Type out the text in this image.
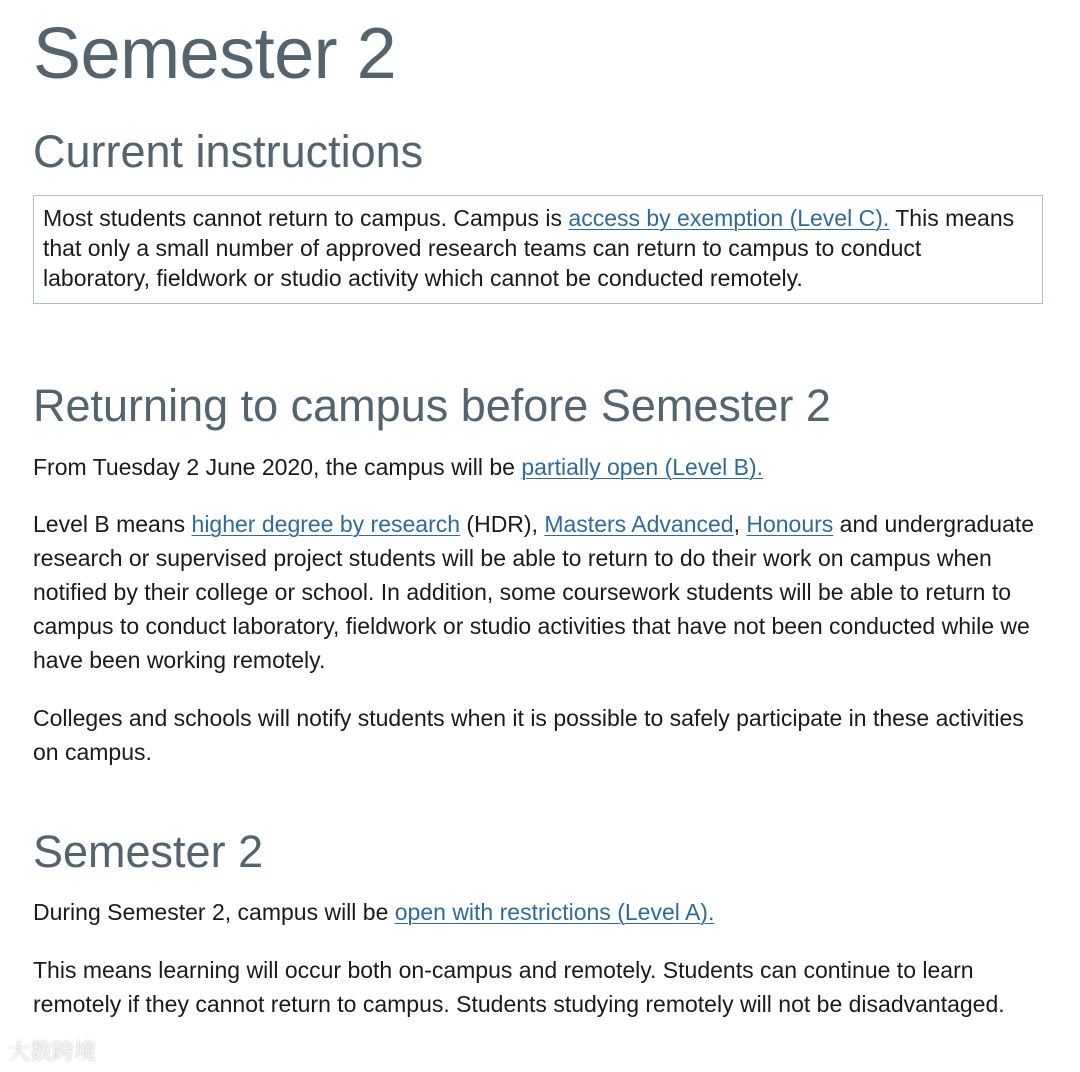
Semester 2
Current instructions
Most students cannot return to campus. Campus is access by exemption (Level C). This means that only a small number of approved research teams can return to campus to conduct laboratory, fieldwork or studio activity which cannot be conducted remotely.
Returning to campus before Semester 2

From Tuesday 2 June 2020, the campus will be partially open (Level B).

Level B means higher degree by research (HDR), Masters Advanced, Honours and undergraduate research or supervised project students will be able to return to do their work on campus when notified by their college or school. In addition, some coursework students will be able to return to campus to conduct laboratory, fieldwork or studio activities that have not been conducted while we have been working remotely.

Colleges and schools will notify students when it is possible to safely participate in these activities on campus.

Semester 2

During Semester 2, campus will be open with restrictions (Level A).

This means learning will occur both on-campus and remotely. Students can continue to learn remotely if they cannot return to campus. Students studying remotely will not be disadvantaged.

大数跨境
